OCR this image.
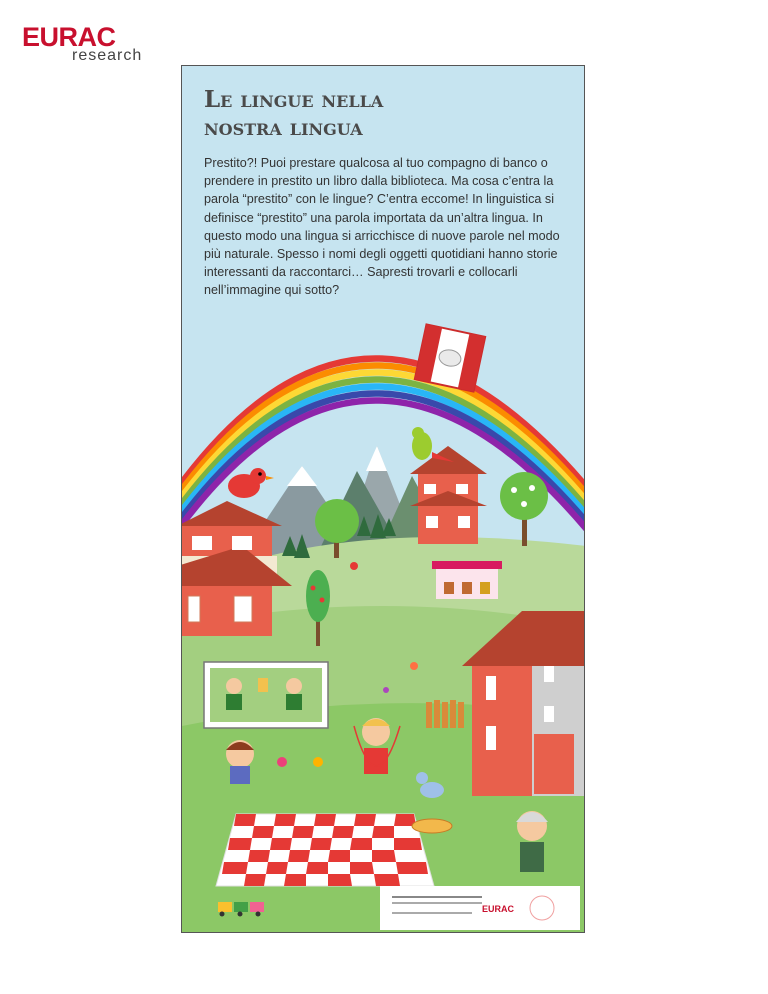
EURAC
research
Le lingue nella
nostra lingua

Prestito?! Puoi prestare qualcosa al tuo compagno di banco o prendere in prestito un libro dalla biblioteca. Ma cosa c’entra la parola “prestito” con le lingue? C’entra eccome! In linguistica si definisce “prestito” una parola importata da un’altra lingua. In questo modo una lingua si arricchisce di nuove parole nel modo più naturale. Spesso i nomi degli oggetti quotidiani hanno storie interessanti da raccontarci… Sapresti trovarli e collocarli nell’immagine qui sotto?

EURAC
